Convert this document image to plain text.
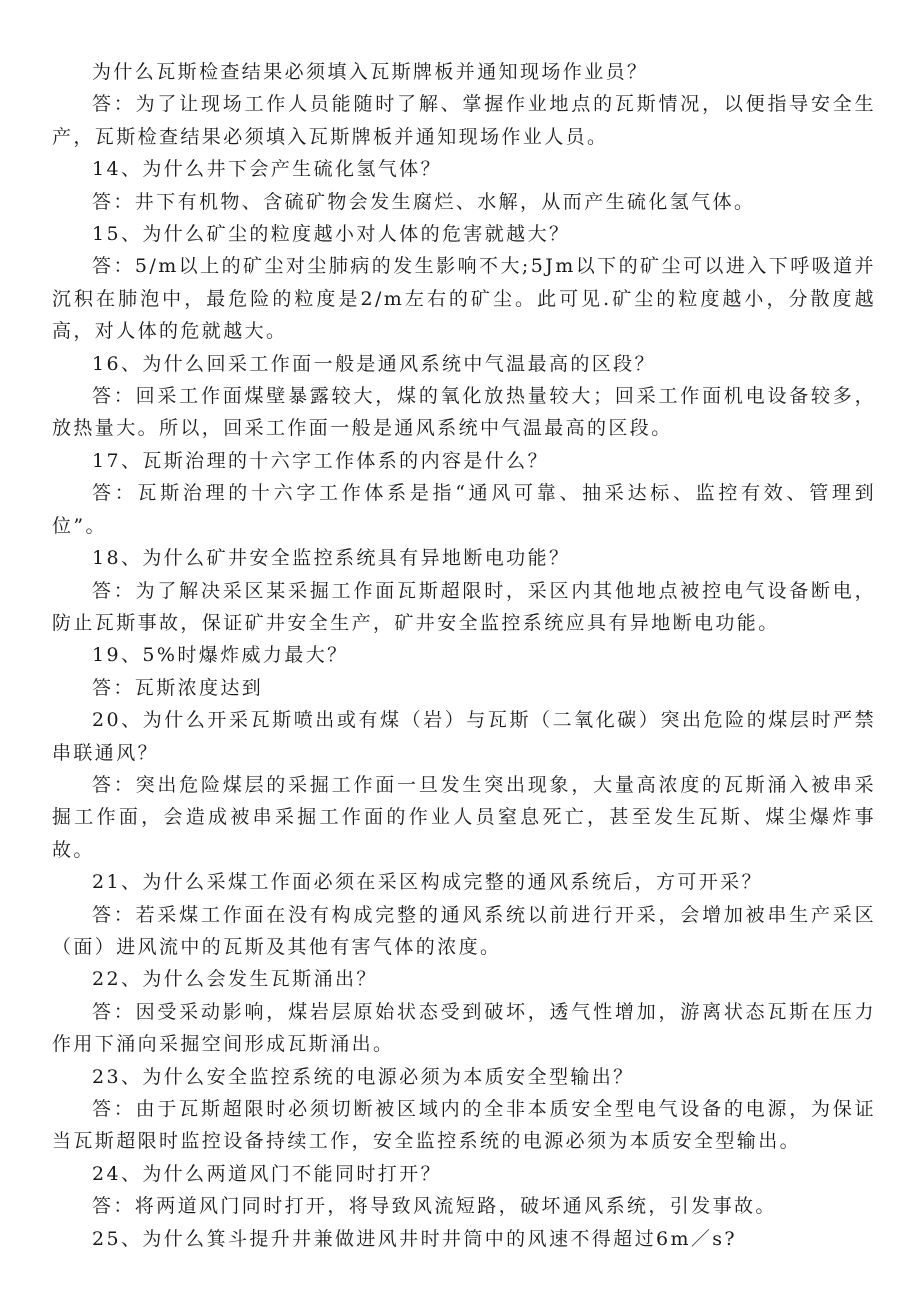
为什么瓦斯检查结果必须填入瓦斯牌板并通知现场作业员？

答：为了让现场工作人员能随时了解、掌握作业地点的瓦斯情况，以便指导安全生产，瓦斯检查结果必须填入瓦斯牌板并通知现场作业人员。

14、为什么井下会产生硫化氢气体？

答：井下有机物、含硫矿物会发生腐烂、水解，从而产生硫化氢气体。

15、为什么矿尘的粒度越小对人体的危害就越大？

答：5/m以上的矿尘对尘肺病的发生影响不大;5Jm以下的矿尘可以进入下呼吸道并沉积在肺泡中，最危险的粒度是2/m左右的矿尘。此可见.矿尘的粒度越小，分散度越高，对人体的危就越大。

16、为什么回采工作面一般是通风系统中气温最高的区段？

答：回采工作面煤壁暴露较大，煤的氧化放热量较大；回采工作面机电设备较多，放热量大。所以，回采工作面一般是通风系统中气温最高的区段。

17、瓦斯治理的十六字工作体系的内容是什么？

答：瓦斯治理的十六字工作体系是指“通风可靠、抽采达标、监控有效、管理到位”。

18、为什么矿井安全监控系统具有异地断电功能？

答：为了解决采区某采掘工作面瓦斯超限时，采区内其他地点被控电气设备断电，防止瓦斯事故，保证矿井安全生产，矿井安全监控系统应具有异地断电功能。

19、5%时爆炸威力最大？

答：瓦斯浓度达到

20、为什么开采瓦斯喷出或有煤（岩）与瓦斯（二氧化碳）突出危险的煤层时严禁串联通风？

答：突出危险煤层的采掘工作面一旦发生突出现象，大量高浓度的瓦斯涌入被串采掘工作面，会造成被串采掘工作面的作业人员窒息死亡，甚至发生瓦斯、煤尘爆炸事故。

21、为什么采煤工作面必须在采区构成完整的通风系统后，方可开采？

答：若采煤工作面在没有构成完整的通风系统以前进行开采，会增加被串生产采区（面）进风流中的瓦斯及其他有害气体的浓度。

22、为什么会发生瓦斯涌出？

答：因受采动影响，煤岩层原始状态受到破坏，透气性增加，游离状态瓦斯在压力作用下涌向采掘空间形成瓦斯涌出。

23、为什么安全监控系统的电源必须为本质安全型输出？

答：由于瓦斯超限时必须切断被区域内的全非本质安全型电气设备的电源，为保证当瓦斯超限时监控设备持续工作，安全监控系统的电源必须为本质安全型输出。

24、为什么两道风门不能同时打开？

答：将两道风门同时打开，将导致风流短路，破坏通风系统，引发事故。

25、为什么箕斗提升井兼做进风井时井筒中的风速不得超过6m／s?
